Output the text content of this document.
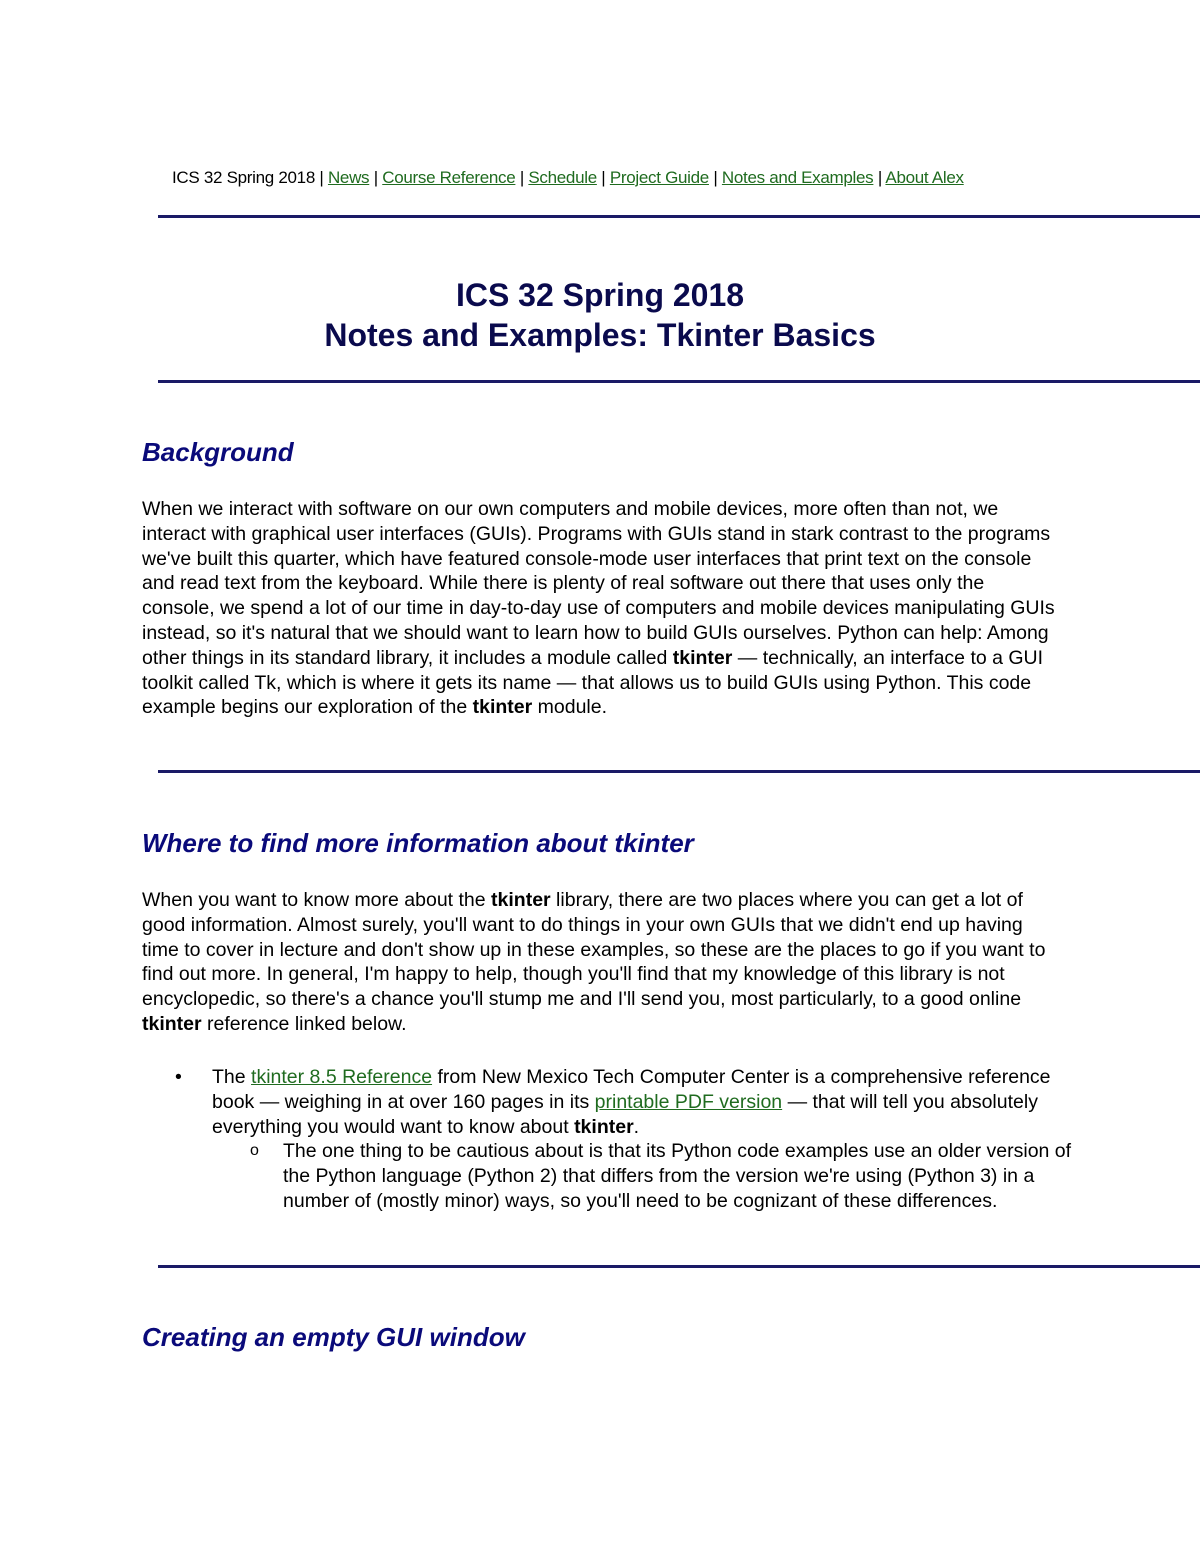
ICS 32 Spring 2018 | News | Course Reference | Schedule | Project Guide | Notes and Examples | About Alex
ICS 32 Spring 2018
Notes and Examples: Tkinter Basics
Background

When we interact with software on our own computers and mobile devices, more often than not, we interact with graphical user interfaces (GUIs). Programs with GUIs stand in stark contrast to the programs we've built this quarter, which have featured console-mode user interfaces that print text on the console and read text from the keyboard. While there is plenty of real software out there that uses only the console, we spend a lot of our time in day-to-day use of computers and mobile devices manipulating GUIs instead, so it's natural that we should want to learn how to build GUIs ourselves. Python can help: Among other things in its standard library, it includes a module called tkinter — technically, an interface to a GUI toolkit called Tk, which is where it gets its name — that allows us to build GUIs using Python. This code example begins our exploration of the tkinter module.

Where to find more information about tkinter

When you want to know more about the tkinter library, there are two places where you can get a lot of good information. Almost surely, you'll want to do things in your own GUIs that we didn't end up having time to cover in lecture and don't show up in these examples, so these are the places to go if you want to find out more. In general, I'm happy to help, though you'll find that my knowledge of this library is not encyclopedic, so there's a chance you'll stump me and I'll send you, most particularly, to a good online tkinter reference linked below.

• The tkinter 8.5 Reference from New Mexico Tech Computer Center is a comprehensive reference book — weighing in at over 160 pages in its printable PDF version — that will tell you absolutely everything you would want to know about tkinter.
o The one thing to be cautious about is that its Python code examples use an older version of the Python language (Python 2) that differs from the version we're using (Python 3) in a number of (mostly minor) ways, so you'll need to be cognizant of these differences.
Creating an empty GUI window
